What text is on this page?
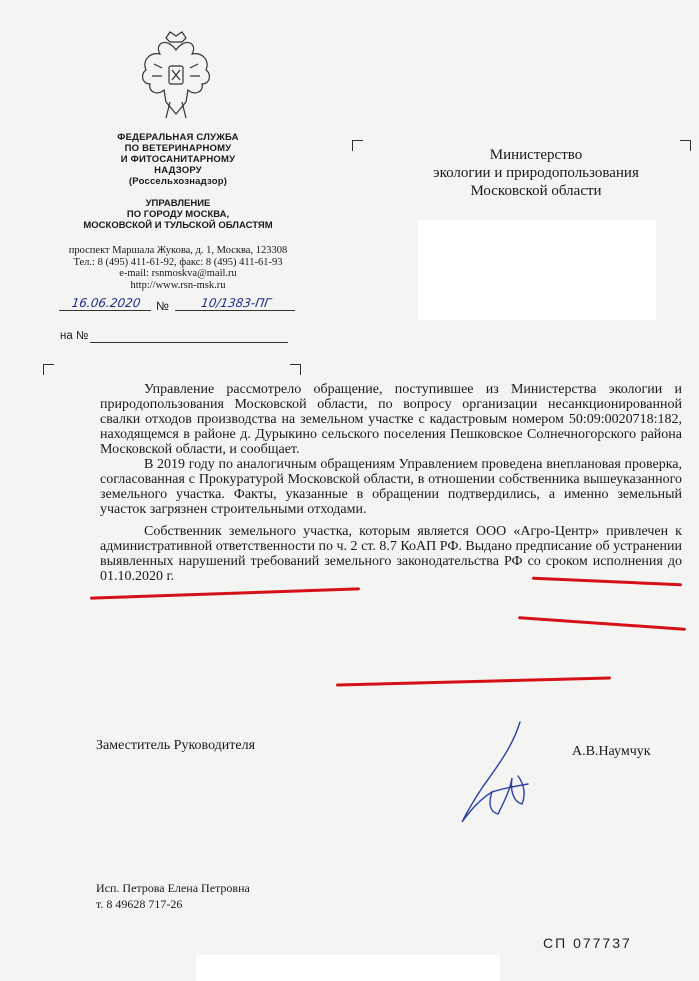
ФЕДЕРАЛЬНАЯ СЛУЖБА
ПО ВЕТЕРИНАРНОМУ
И ФИТОСАНИТАРНОМУ
НАДЗОРУ
(Россельхознадзор)
УПРАВЛЕНИЕ
ПО ГОРОДУ МОСКВА,
МОСКОВСКОЙ И ТУЛЬСКОЙ ОБЛАСТЯМ
проспект Маршала Жукова, д. 1, Москва, 123308
Тел.: 8 (495) 411-61-92, факс: 8 (495) 411-61-93
e-mail: rsnmoskva@mail.ru
http://www.rsn-msk.ru
16.06.2020	№	10/1383-ПГ
на №
Министерство
экологии и природопользования
Московской области

Управление рассмотрело обращение, поступившее из Министерства экологии и природопользования Московской области, по вопросу организации несанкционированной свалки отходов производства на земельном участке с кадастровым номером 50:09:0020718:182, находящемся в районе д. Дурыкино сельского поселения Пешковское Солнечногорского района Московской области, и сообщает.

В 2019 году по аналогичным обращениям Управлением проведена внеплановая проверка, согласованная с Прокуратурой Московской области, в отношении собственника вышеуказанного земельного участка. Факты, указанные в обращении подтвердились, а именно земельный участок загрязнен строительными отходами.

Собственник земельного участка, которым является ООО «Агро-Центр» привлечен к административной ответственности по ч. 2 ст. 8.7 КоАП РФ. Выдано предписание об устранении выявленных нарушений требований земельного законодательства РФ со сроком исполнения до 01.10.2020 г.

Заместитель Руководителя	А.В.Наумчук
Исп. Петрова Елена Петровна
т. 8 49628 717-26
СП 077737
